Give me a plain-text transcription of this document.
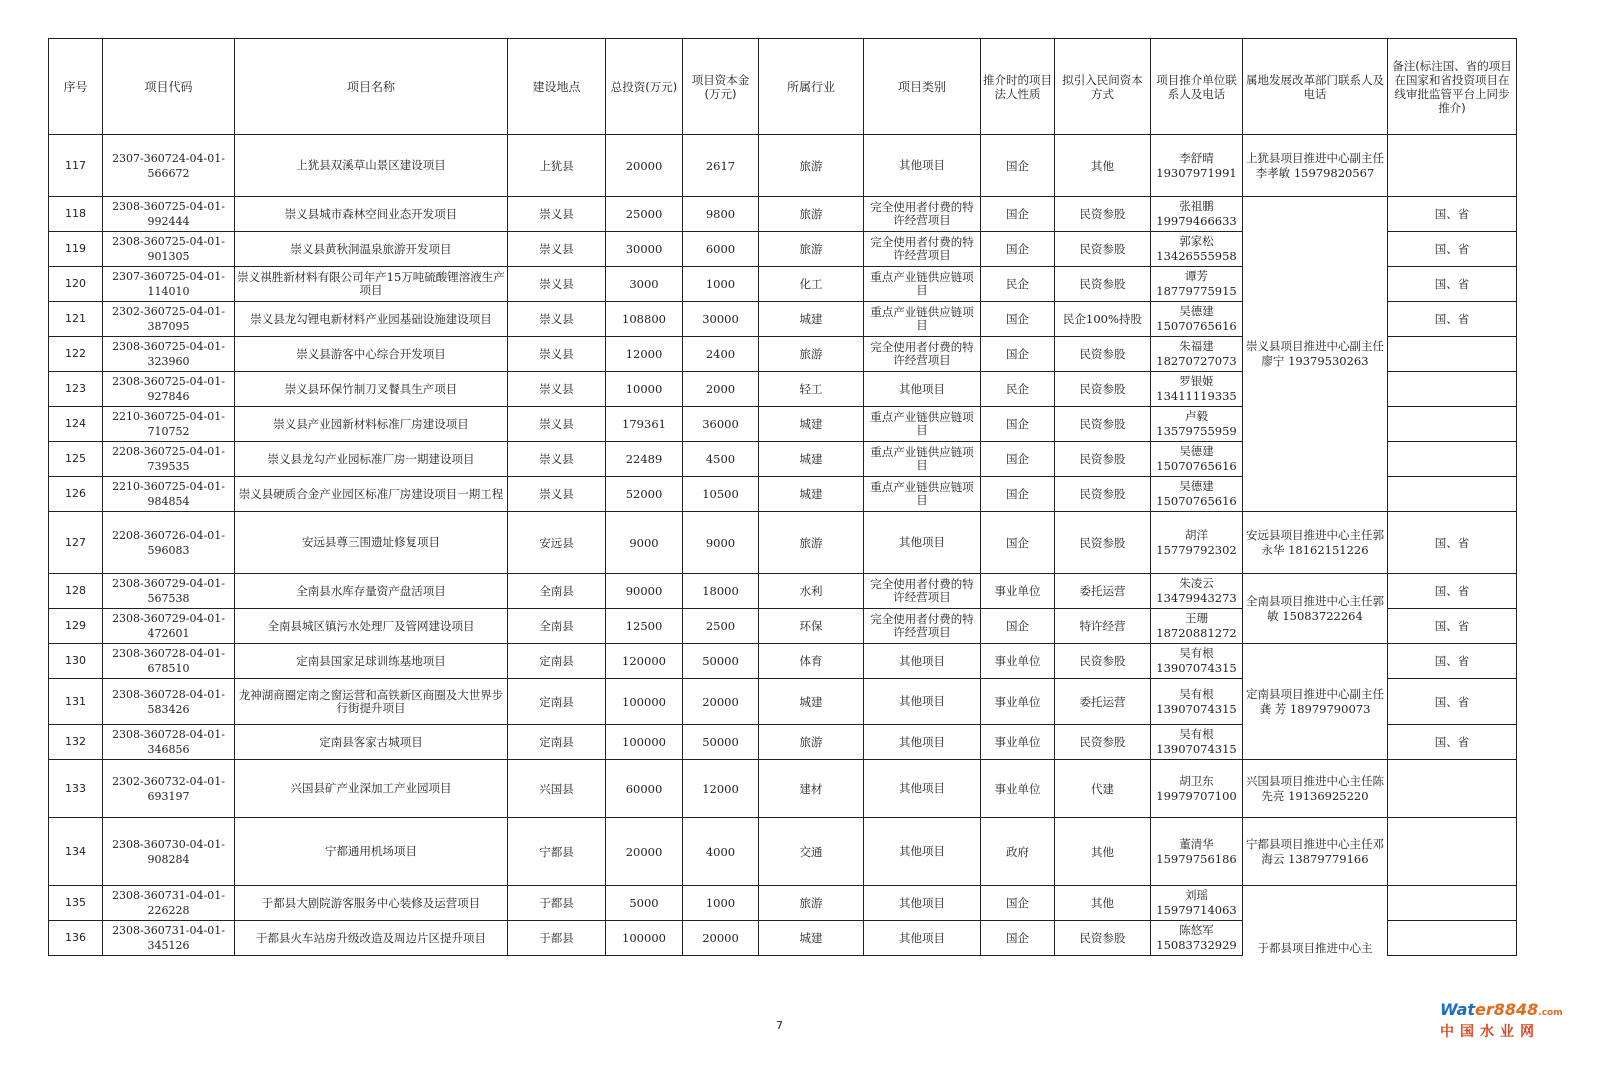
序号	项目代码	项目名称	建设地点	总投资(万元)	项目资本金(万元)	所属行业	项目类别	推介时的项目法人性质	拟引入民间资本方式	项目推介单位联系人及电话	属地发展改革部门联系人及电话	备注(标注国、省的项目在国家和省投资项目在线审批监管平台上同步推介)
117	2307-360724-04-01-566672	上犹县双溪草山景区建设项目	上犹县	20000	2617	旅游	其他项目	国企	其他	李舒晴 19307971991	上犹县项目推进中心副主任李孝敏 15979820567	
118	2308-360725-04-01-992444	崇义县城市森林空间业态开发项目	崇义县	25000	9800	旅游	完全使用者付费的特许经营项目	国企	民资参股	张祖鹏 19979466633	崇义县项目推进中心副主任廖宁 19379530263	国、省
119	2308-360725-04-01-901305	崇义县黄秋洞温泉旅游开发项目	崇义县	30000	6000	旅游	完全使用者付费的特许经营项目	国企	民资参股	郭家松 13426555958		国、省
120	2307-360725-04-01-114010	崇义祺胜新材料有限公司年产15万吨硫酸锂溶液生产项目	崇义县	3000	1000	化工	重点产业链供应链项目	民企	民资参股	谭芳 18779775915		国、省
121	2302-360725-04-01-387095	崇义县龙勾锂电新材料产业园基础设施建设项目	崇义县	108800	30000	城建	重点产业链供应链项目	国企	民企100%持股	吴德建 15070765616		国、省
122	2308-360725-04-01-323960	崇义县游客中心综合开发项目	崇义县	12000	2400	旅游	完全使用者付费的特许经营项目	国企	民资参股	朱福建 18270727073		
123	2308-360725-04-01-927846	崇义县环保竹制刀叉餐具生产项目	崇义县	10000	2000	轻工	其他项目	民企	民资参股	罗银姬 13411119335		
124	2210-360725-04-01-710752	崇义县产业园新材料标准厂房建设项目	崇义县	179361	36000	城建	重点产业链供应链项目	国企	民资参股	卢毅 13579755959		
125	2208-360725-04-01-739535	崇义县龙勾产业园标准厂房一期建设项目	崇义县	22489	4500	城建	重点产业链供应链项目	国企	民资参股	吴德建 15070765616		
126	2210-360725-04-01-984854	崇义县硬质合金产业园区标准厂房建设项目一期工程	崇义县	52000	10500	城建	重点产业链供应链项目	国企	民资参股	吴德建 15070765616		
127	2208-360726-04-01-596083	安远县尊三围遗址修复项目	安远县	9000	9000	旅游	其他项目	国企	民资参股	胡洋 15779792302	安远县项目推进中心主任郭永华 18162151226	国、省
128	2308-360729-04-01-567538	全南县水库存量资产盘活项目	全南县	90000	18000	水利	完全使用者付费的特许经营项目	事业单位	委托运营	朱凌云 13479943273	全南县项目推进中心主任郭敏 15083722264	国、省
129	2308-360729-04-01-472601	全南县城区镇污水处理厂及管网建设项目	全南县	12500	2500	环保	完全使用者付费的特许经营项目	国企	特许经营	王珊 18720881272		国、省
130	2308-360728-04-01-678510	定南县国家足球训练基地项目	定南县	120000	50000	体育	其他项目	事业单位	民资参股	吴有根 13907074315	定南县项目推进中心副主任龚 芳 18979790073	国、省
131	2308-360728-04-01-583426	龙神湖商圈定南之窗运营和高铁新区商圈及大世界步行街提升项目	定南县	100000	20000	城建	其他项目	事业单位	委托运营	吴有根 13907074315		国、省
132	2308-360728-04-01-346856	定南县客家古城项目	定南县	100000	50000	旅游	其他项目	事业单位	民资参股	吴有根 13907074315		国、省
133	2302-360732-04-01-693197	兴国县矿产业深加工产业园项目	兴国县	60000	12000	建材	其他项目	事业单位	代建	胡卫东 19979707100	兴国县项目推进中心主任陈先亮 19136925220	
134	2308-360730-04-01-908284	宁都通用机场项目	宁都县	20000	4000	交通	其他项目	政府	其他	董清华 15979756186	宁都县项目推进中心主任邓海云 13879779166	
135	2308-360731-04-01-226228	于都县大剧院游客服务中心装修及运营项目	于都县	5000	1000	旅游	其他项目	国企	其他	刘瑶 15979714063	于都县项目推进中心主	
136	2308-360731-04-01-345126	于都县火车站房升级改造及周边片区提升项目	于都县	100000	20000	城建	其他项目	国企	民资参股	陈悠军 15083732929		
7
Water8848.com
中国水业网
